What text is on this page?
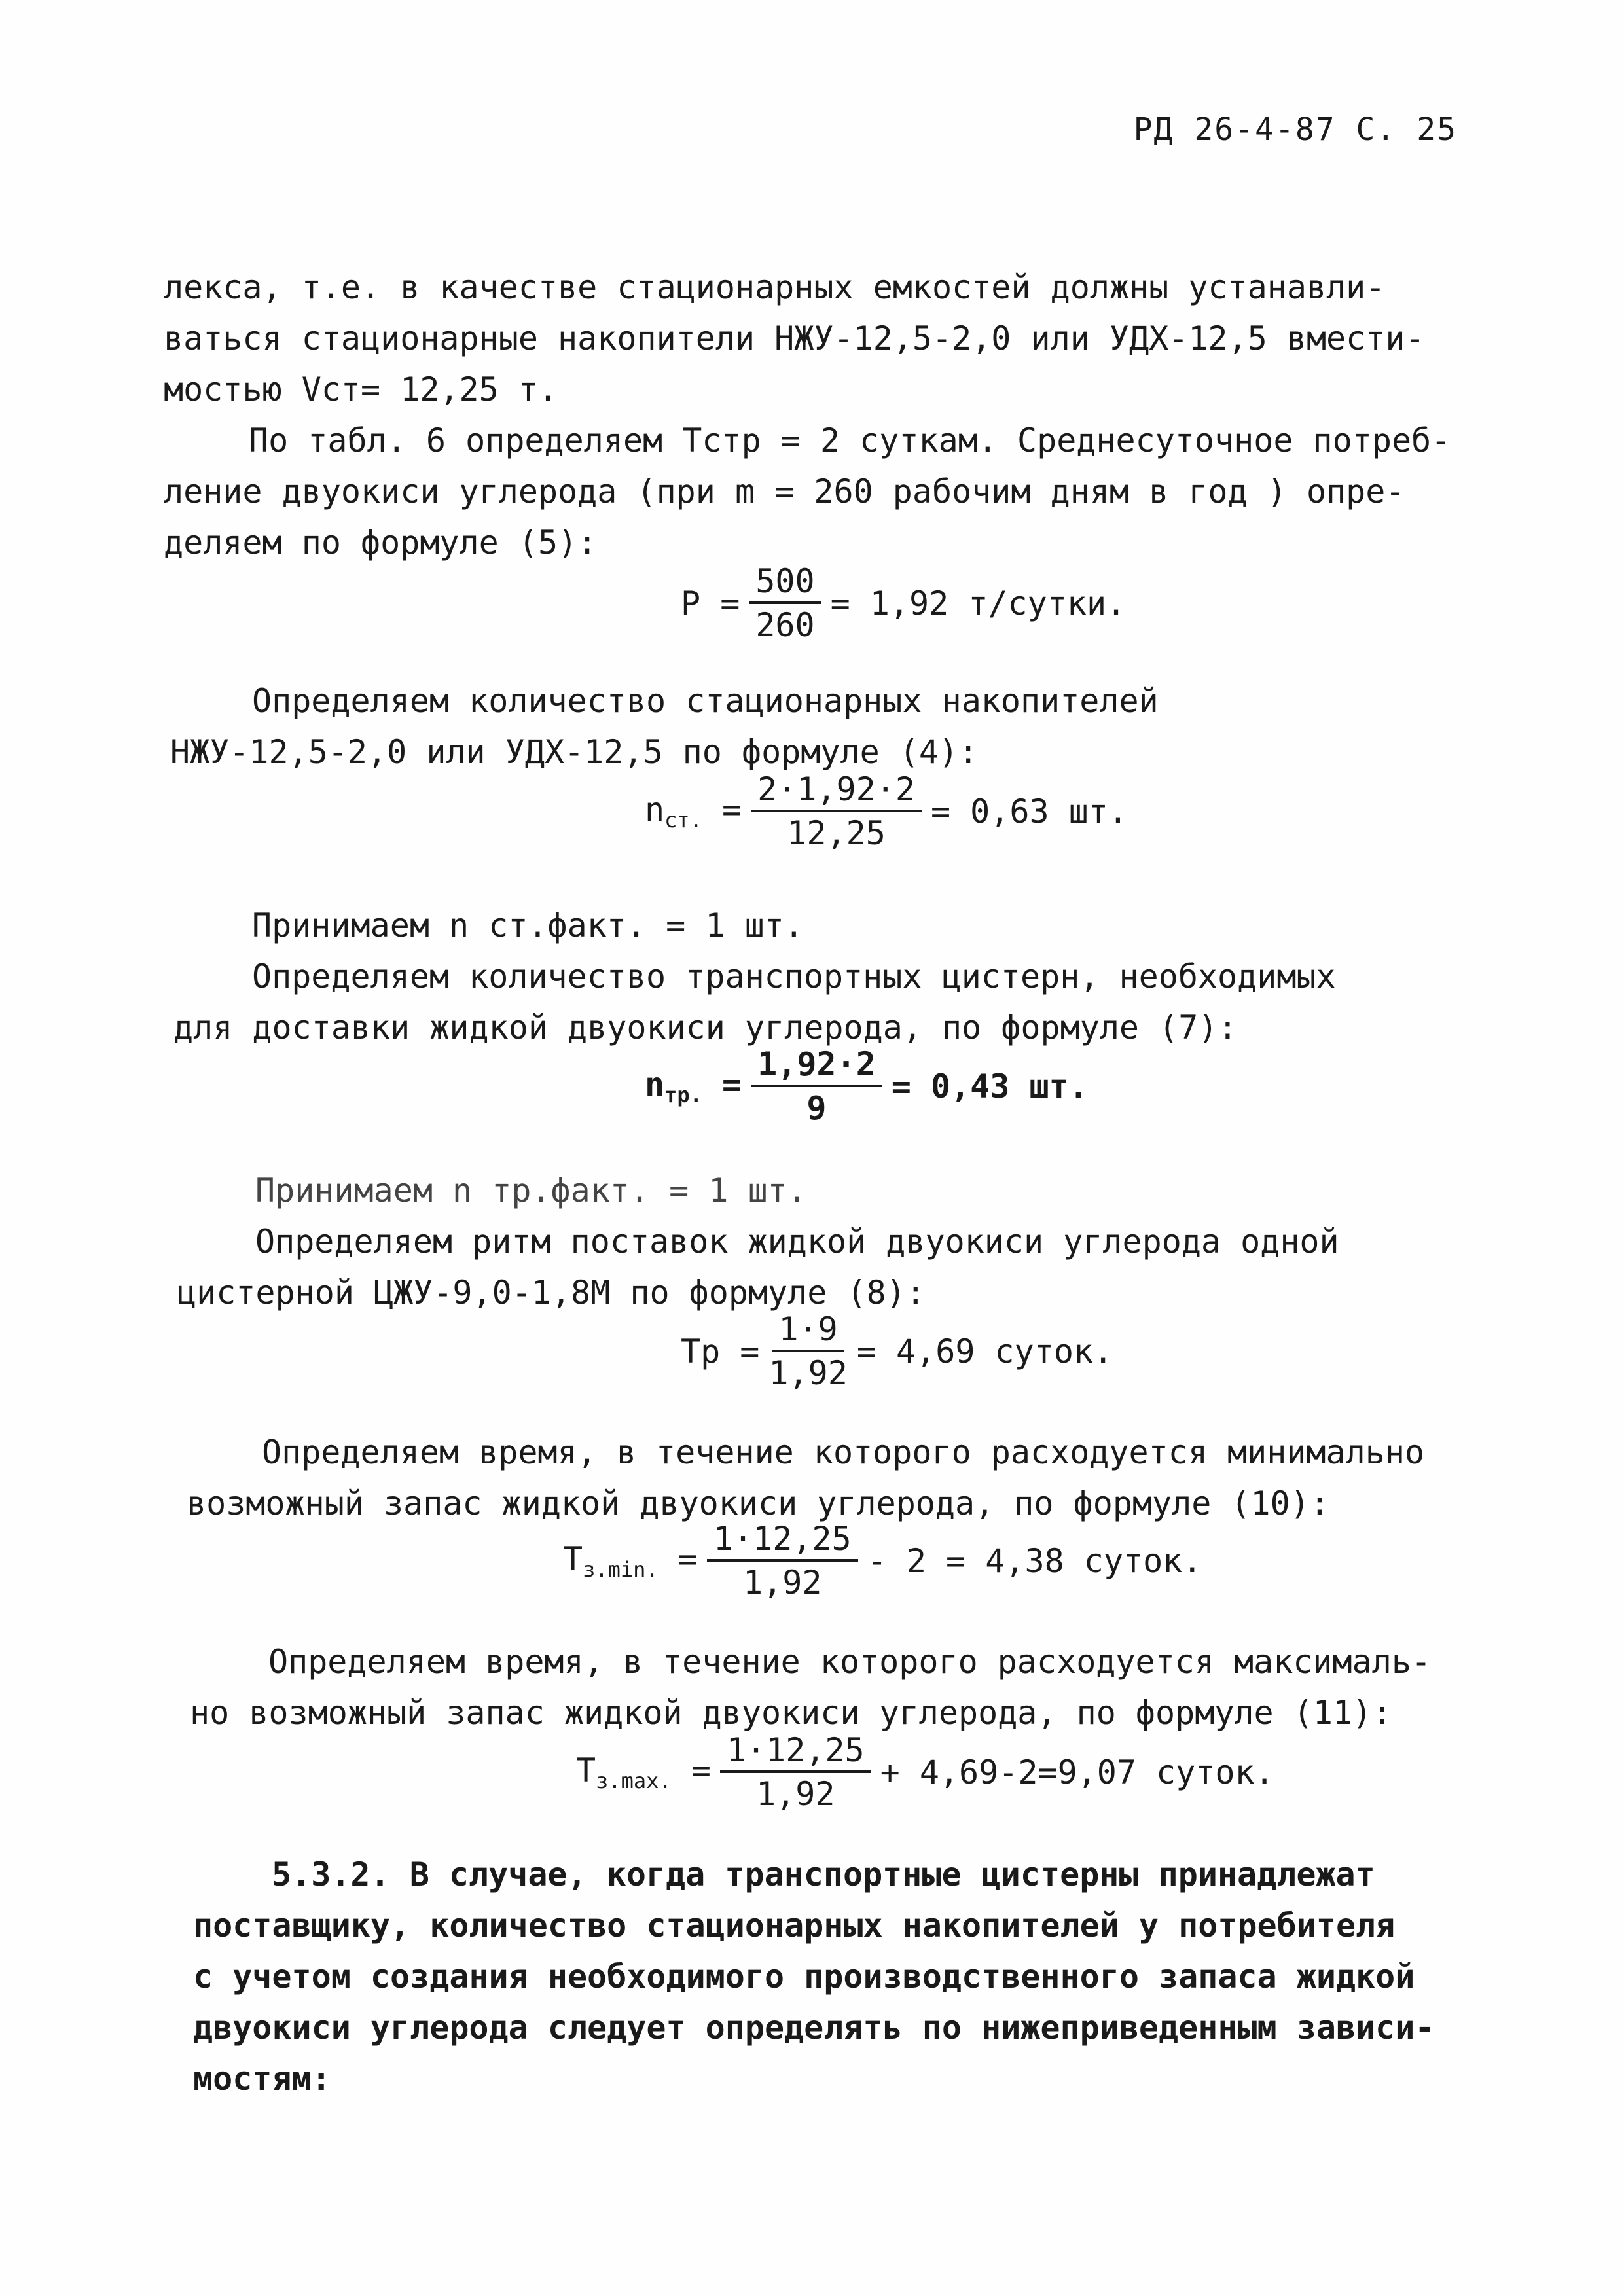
РД 26-4-87 С. 25
лекса, т.е. в качестве стационарных емкостей должны устанавли-
ваться стационарные накопители НЖУ-12,5-2,0 или УДХ-12,5 вмести-
мостью Vст= 12,25 т.
По табл. 6 определяем Тстр = 2 суткам. Среднесуточное потреб-
ление двуокиси углерода (при m = 260 рабочим дням в год ) опре-
деляем по формуле (5):
$P = \frac{500}{260} = 1,92$ т/сутки.
Определяем количество стационарных накопителей
НЖУ-12,5-2,0 или УДХ-12,5 по формуле (4):
$n_{ст.} = \frac{2\cdot 1,92\cdot 2}{12,25} = 0,63$ шт.
Принимаем n ст.факт. = 1 шт.
Определяем количество транспортных цистерн, необходимых
для доставки жидкой двуокиси углерода, по формуле (7):
$n_{тр.} = \frac{1,92\cdot 2}{9} = 0,43$ шт.
Принимаем n тр.факт. = 1 шт.
Определяем ритм поставок жидкой двуокиси углерода одной
цистерной ЦЖУ-9,0-1,8М по формуле (8):
Тр = $\frac{1\cdot 9}{1,92} = 4,69$ суток.
Определяем время, в течение которого расходуется минимально
возможный запас жидкой двуокиси углерода, по формуле (10):
$Т_{з.min.} = \frac{1\cdot 12,25}{1,92} - 2 = 4,38$ суток.
Определяем время, в течение которого расходуется максималь-
но возможный запас жидкой двуокиси углерода, по формуле (11):
$Т_{з.max.} = \frac{1\cdot 12,25}{1,92} + 4,69-2=9,07$ суток.
5.3.2. В случае, когда транспортные цистерны принадлежат
поставщику, количество стационарных накопителей у потребителя
с учетом создания необходимого производственного запаса жидкой
двуокиси углерода следует определять по нижеприведенным зависи-
мостям:
